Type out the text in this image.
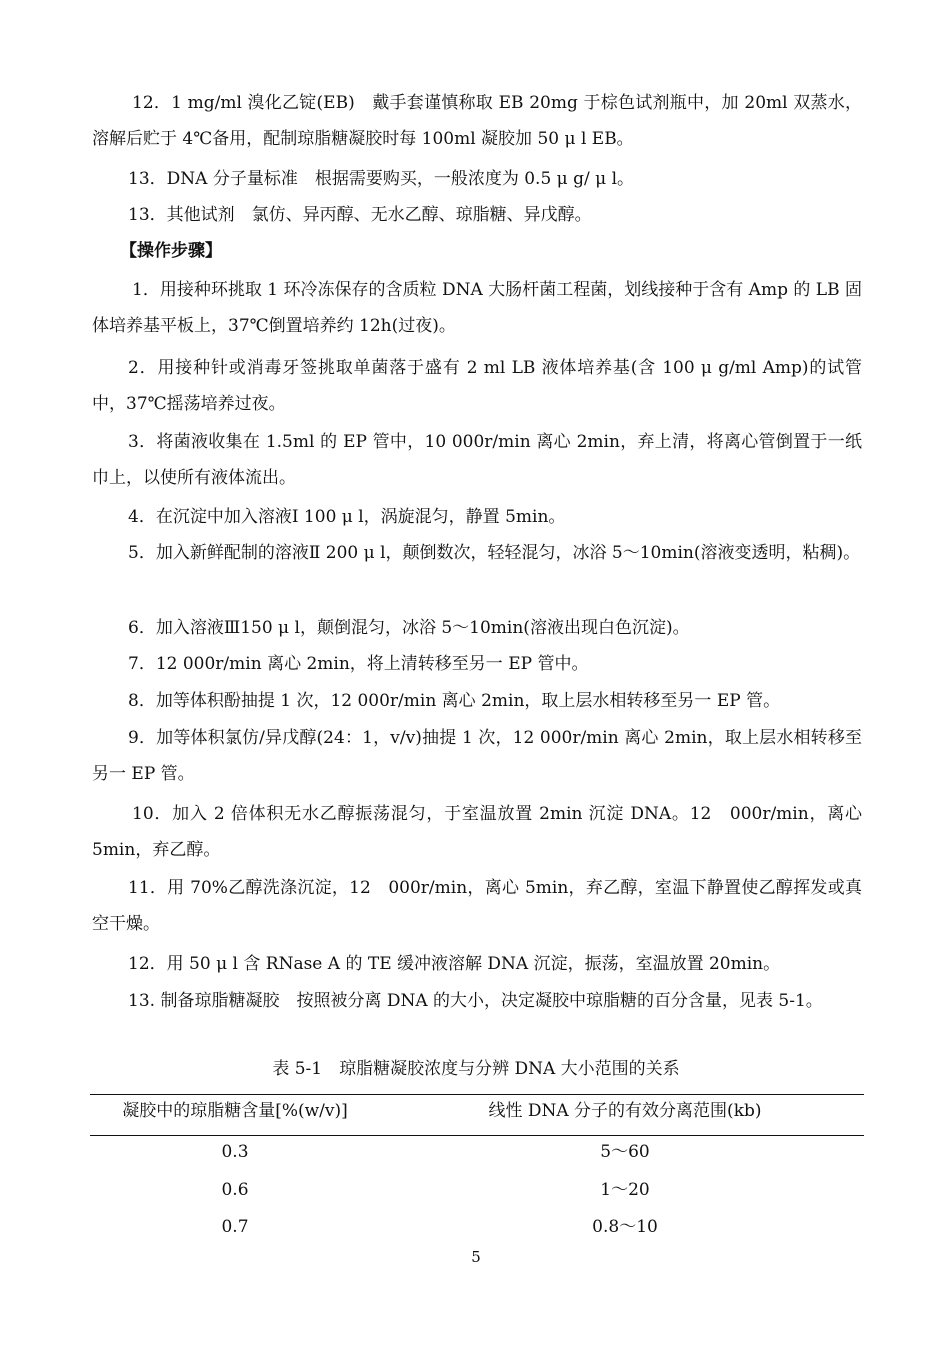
12．1 mg/ml 溴化乙锭(EB)　戴手套谨慎称取 EB 20mg 于棕色试剂瓶中，加 20ml 双蒸水，溶解后贮于 4℃备用，配制琼脂糖凝胶时每 100ml 凝胶加 50 μ l EB。

13．DNA 分子量标准　根据需要购买，一般浓度为 0.5 μ g/ μ l。

13．其他试剂　氯仿、异丙醇、无水乙醇、琼脂糖、异戊醇。

【操作步骤】

1．用接种环挑取 1 环冷冻保存的含质粒 DNA 大肠杆菌工程菌，划线接种于含有 Amp 的 LB 固体培养基平板上，37℃倒置培养约 12h(过夜)。

2．用接种针或消毒牙签挑取单菌落于盛有 2 ml LB 液体培养基(含 100 μ g/ml Amp)的试管中，37℃摇荡培养过夜。

3．将菌液收集在 1.5ml 的 EP 管中，10 000r/min 离心 2min，弃上清，将离心管倒置于一纸巾上，以使所有液体流出。

4．在沉淀中加入溶液Ⅰ 100 μ l，涡旋混匀，静置 5min。

5．加入新鲜配制的溶液Ⅱ 200 μ l，颠倒数次，轻轻混匀，冰浴 5～10min(溶液变透明，粘稠)。

6．加入溶液Ⅲ150 μ l，颠倒混匀，冰浴 5～10min(溶液出现白色沉淀)。

7．12 000r/min 离心 2min，将上清转移至另一 EP 管中。

8．加等体积酚抽提 1 次，12 000r/min 离心 2min，取上层水相转移至另一 EP 管。

9．加等体积氯仿/异戊醇(24：1，v/v)抽提 1 次，12 000r/min 离心 2min，取上层水相转移至另一 EP 管。

10．加入 2 倍体积无水乙醇振荡混匀，于室温放置 2min 沉淀 DNA。12　000r/min，离心 5min，弃乙醇。

11．用 70%乙醇洗涤沉淀，12　000r/min，离心 5min，弃乙醇，室温下静置使乙醇挥发或真空干燥。

12．用 50 μ l 含 RNase A 的 TE 缓冲液溶解 DNA 沉淀，振荡，室温放置 20min。

13. 制备琼脂糖凝胶　按照被分离 DNA 的大小，决定凝胶中琼脂糖的百分含量，见表 5-1。

表 5-1　琼脂糖凝胶浓度与分辨 DNA 大小范围的关系
凝胶中的琼脂糖含量[%(w/v)]	线性 DNA 分子的有效分离范围(kb)
0.3	5～60
0.6	1～20
0.7	0.8～10
5
